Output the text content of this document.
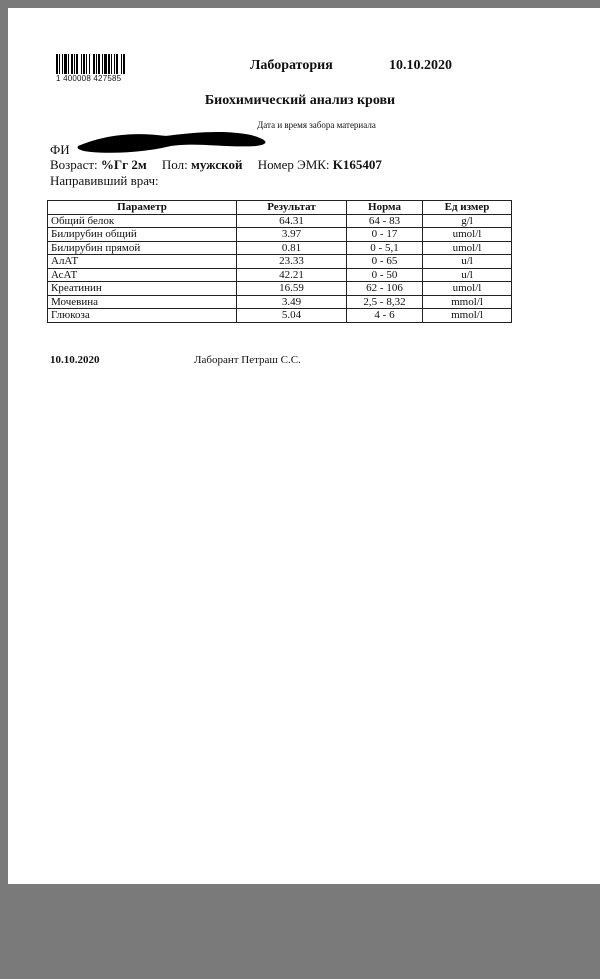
1 400008 427585
Лаборатория	10.10.2020
Биохимический анализ крови
Дата и время забора материала
ФИ
Возраст: %Гг 2м Пол: мужской Номер ЭМК: K165407
Направивший врач:
Параметр	Результат	Норма	Ед измер
Общий белок	64.31	64 - 83	g/l
Билирубин общий	3.97	0 - 17	umol/l
Билирубин прямой	0.81	0 - 5,1	umol/l
АлАТ	23.33	0 - 65	u/l
АсАТ	42.21	0 - 50	u/l
Креатинин	16.59	62 - 106	umol/l
Мочевина	3.49	2,5 - 8,32	mmol/l
Глюкоза	5.04	4 - 6	mmol/l
10.10.2020	Лаборант Петраш С.С.
